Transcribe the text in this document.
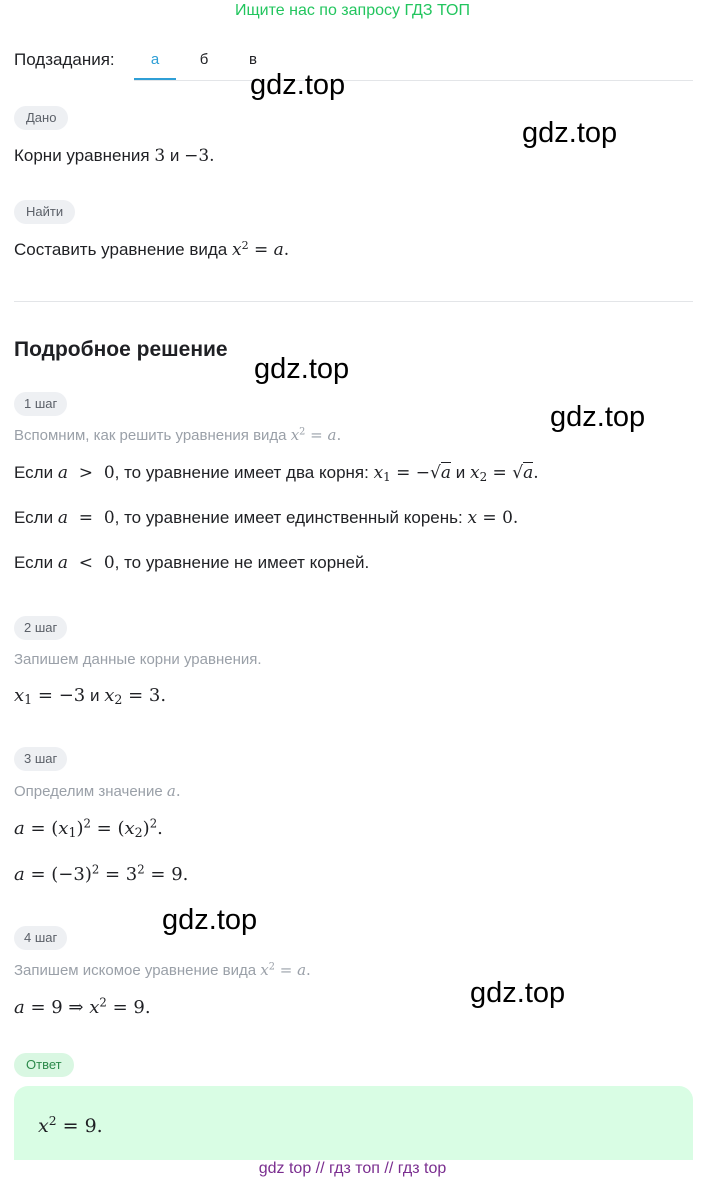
Ищите нас по запросу ГДЗ ТОП
Подзадания:	а	б	в
Дано
Корни уравнения 3 и −3.
Найти
Составить уравнение вида $x^2 = a$.
Подробное решение
1 шаг
Вспомним, как решить уравнения вида $x^2 = a$.
Если a  >  0, то уравнение имеет два корня: $x_1 = -√a$ и $x_2 = √a$.
Если a  =  0, то уравнение имеет единственный корень: x = 0.
Если a  <  0, то уравнение не имеет корней.
2 шаг
Запишем данные корни уравнения.
$x_1 = -3$ и $x_2 = 3$.
3 шаг
Определим значение a.
$a = (x_1)^2 = (x_2)^2$.
$a = (-3)^2 = 3^2 = 9$.
4 шаг
Запишем искомое уравнение вида $x^2 = a$.
a = 9 ⇒ $x^2 = 9$.
Ответ
$x^2 = 9$.
gdz.top
gdz.top
gdz.top
gdz.top
gdz.top
gdz.top
gdz top // гдз топ // гдз top
